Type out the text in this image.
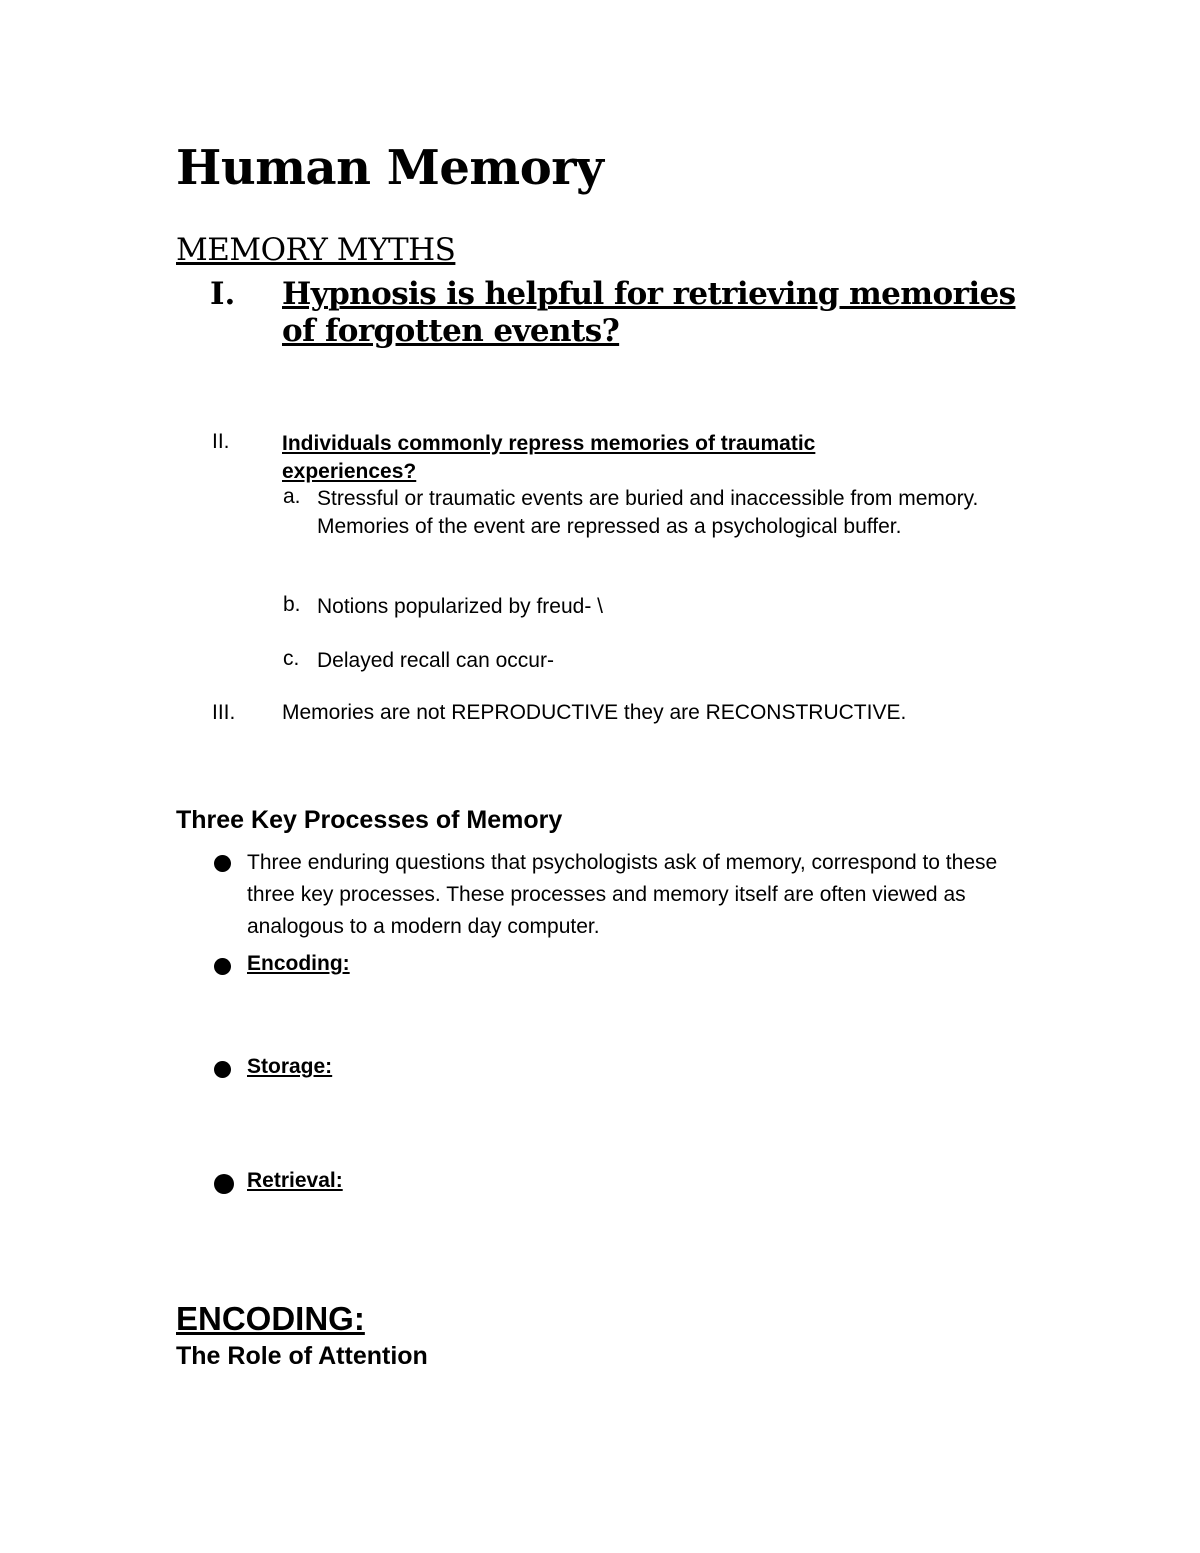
Human Memory
MEMORY MYTHS
I. Hypnosis is helpful for retrieving memories of forgotten events?
II. Individuals commonly repress memories of traumatic experiences?
a. Stressful or traumatic events are buried and inaccessible from memory. Memories of the event are repressed as a psychological buffer.
b. Notions popularized by freud- \
c. Delayed recall can occur-
III. Memories are not REPRODUCTIVE they are RECONSTRUCTIVE.
Three Key Processes of Memory
Three enduring questions that psychologists ask of memory, correspond to these three key processes. These processes and memory itself are often viewed as analogous to a modern day computer.
Encoding:
Storage:
Retrieval:
ENCODING:
The Role of Attention
